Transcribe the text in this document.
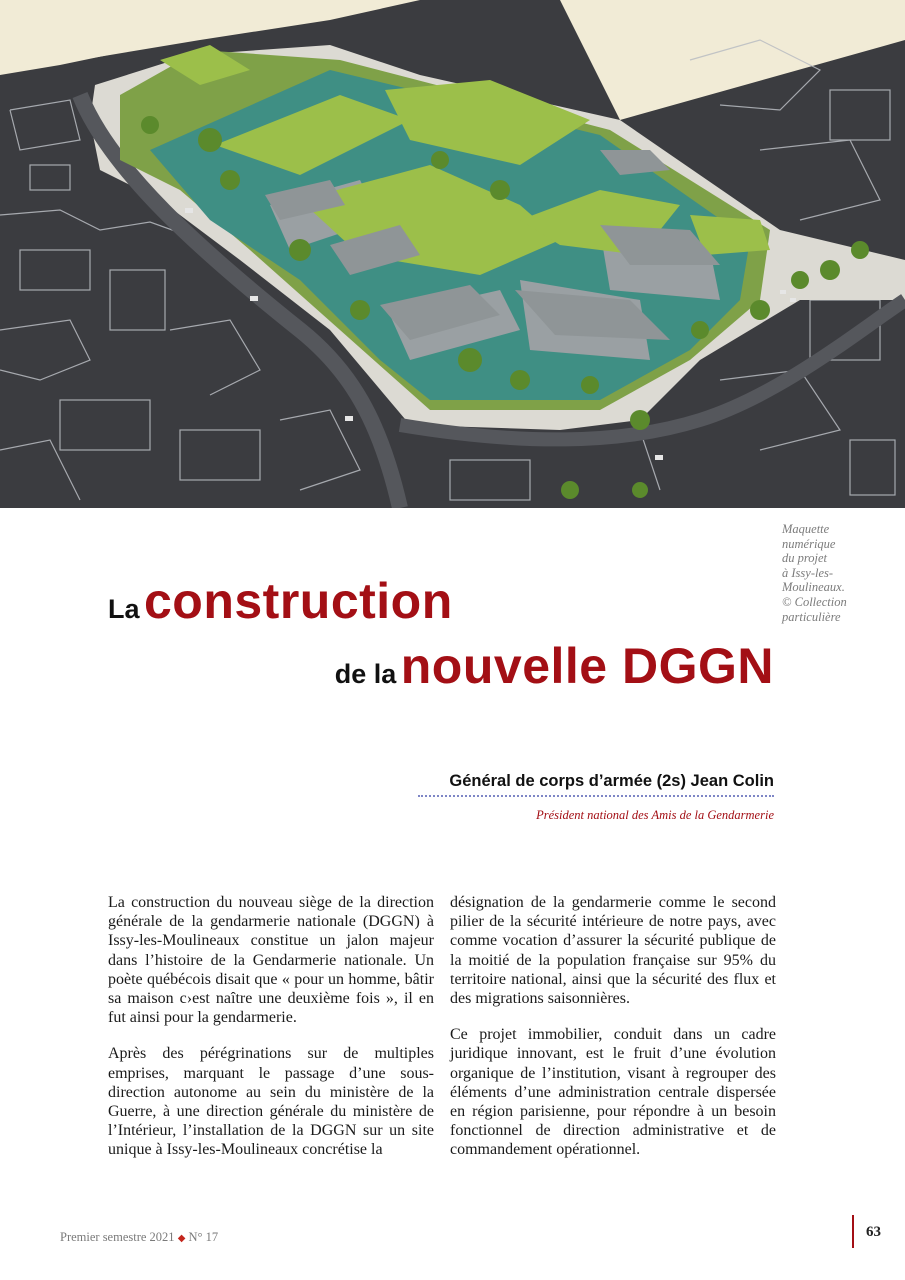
Maquette
numérique
du projet
à Issy-les-
Moulineaux.
© Collection
particulière
La construction
de la nouvelle DGGN
Général de corps d’armée (2s) Jean Colin
Président national des Amis de la Gendarmerie

La construction du nouveau siège de la direction générale de la gendarmerie nationale (DGGN) à Issy-les-Moulineaux constitue un jalon majeur dans l’histoire de la Gendarmerie nationale. Un poète québécois disait que « pour un homme, bâtir sa maison c›est naître une deuxième fois », il en fut ainsi pour la gendarmerie.

Après des pérégrinations sur de multiples emprises, marquant le passage d’une sous-direction autonome au sein du ministère de la Guerre, à une direction générale du ministère de l’Intérieur, l’installation de la DGGN sur un site unique à Issy-les-Moulineaux concrétise la

désignation de la gendarmerie comme le second pilier de la sécurité intérieure de notre pays, avec comme vocation d’assurer la sécurité publique de la moitié de la population française sur 95% du territoire national, ainsi que la sécurité des flux et des migrations saisonnières.

Ce projet immobilier, conduit dans un cadre juridique innovant, est le fruit d’une évolution organique de l’institution, visant à regrouper des éléments d’une administration centrale dispersée en région parisienne, pour répondre à un besoin fonctionnel de direction administrative et de commandement opérationnel.

Premier semestre 2021 ◆ N° 17	63
